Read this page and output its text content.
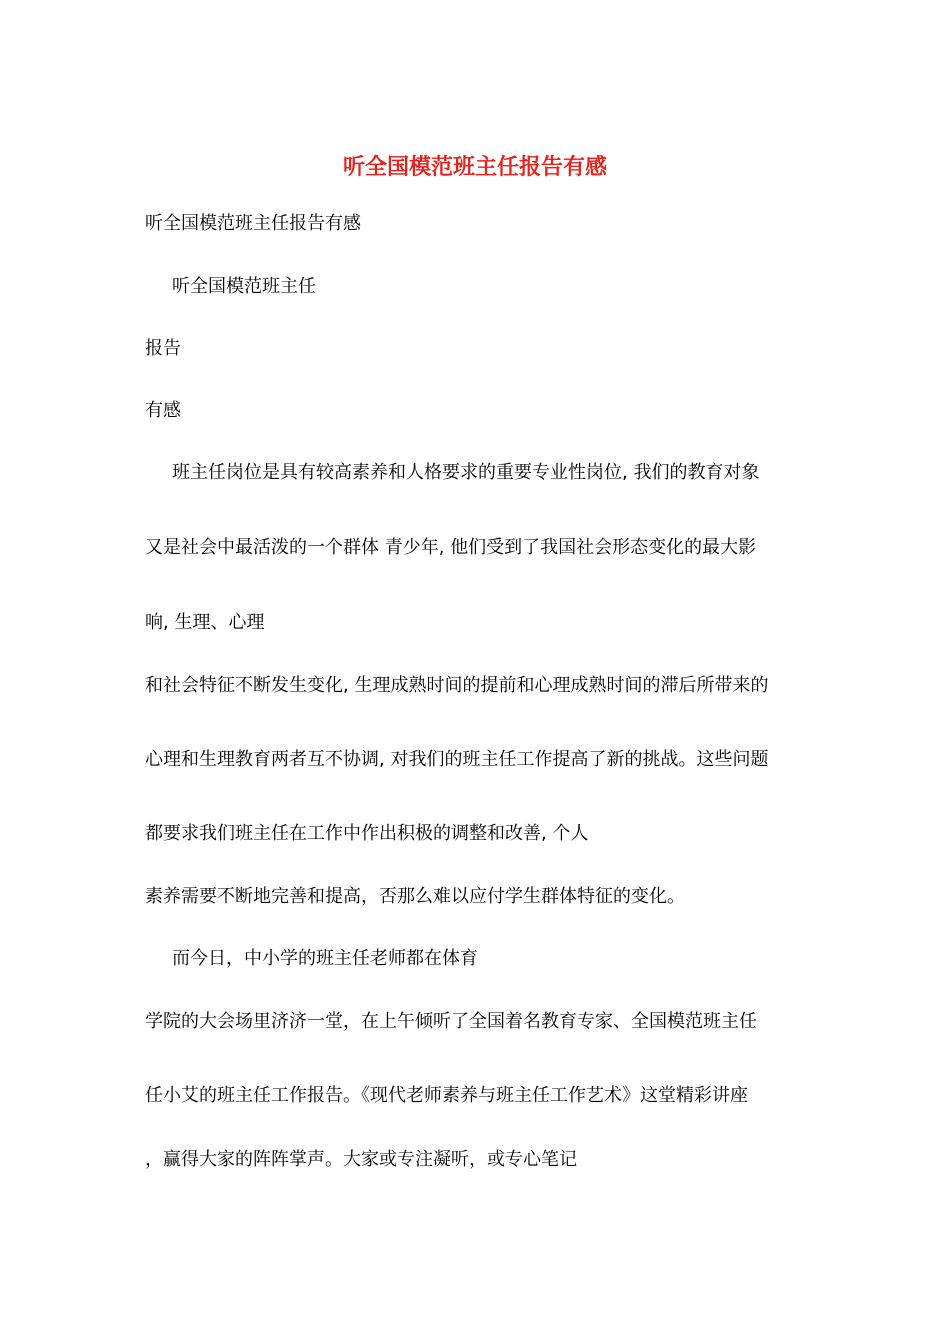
听全国模范班主任报告有感
听全国模范班主任报告有感
听全国模范班主任
报告
有感
班主任岗位是具有较高素养和人格要求的重要专业性岗位, 我们的教育对象
又是社会中最活泼的一个群体 青少年, 他们受到了我国社会形态变化的最大影
响, 生理、心理
和社会特征不断发生变化, 生理成熟时间的提前和心理成熟时间的滞后所带来的
心理和生理教育两者互不协调, 对我们的班主任工作提高了新的挑战。这些问题
都要求我们班主任在工作中作出积极的调整和改善, 个人
素养需要不断地完善和提高，否那么难以应付学生群体特征的变化。
而今日，中小学的班主任老师都在体育
学院的大会场里济济一堂，在上午倾听了全国着名教育专家、全国模范班主任
任小艾的班主任工作报告。《现代老师素养与班主任工作艺术》这堂精彩讲座
，赢得大家的阵阵掌声。大家或专注凝听，或专心笔记
